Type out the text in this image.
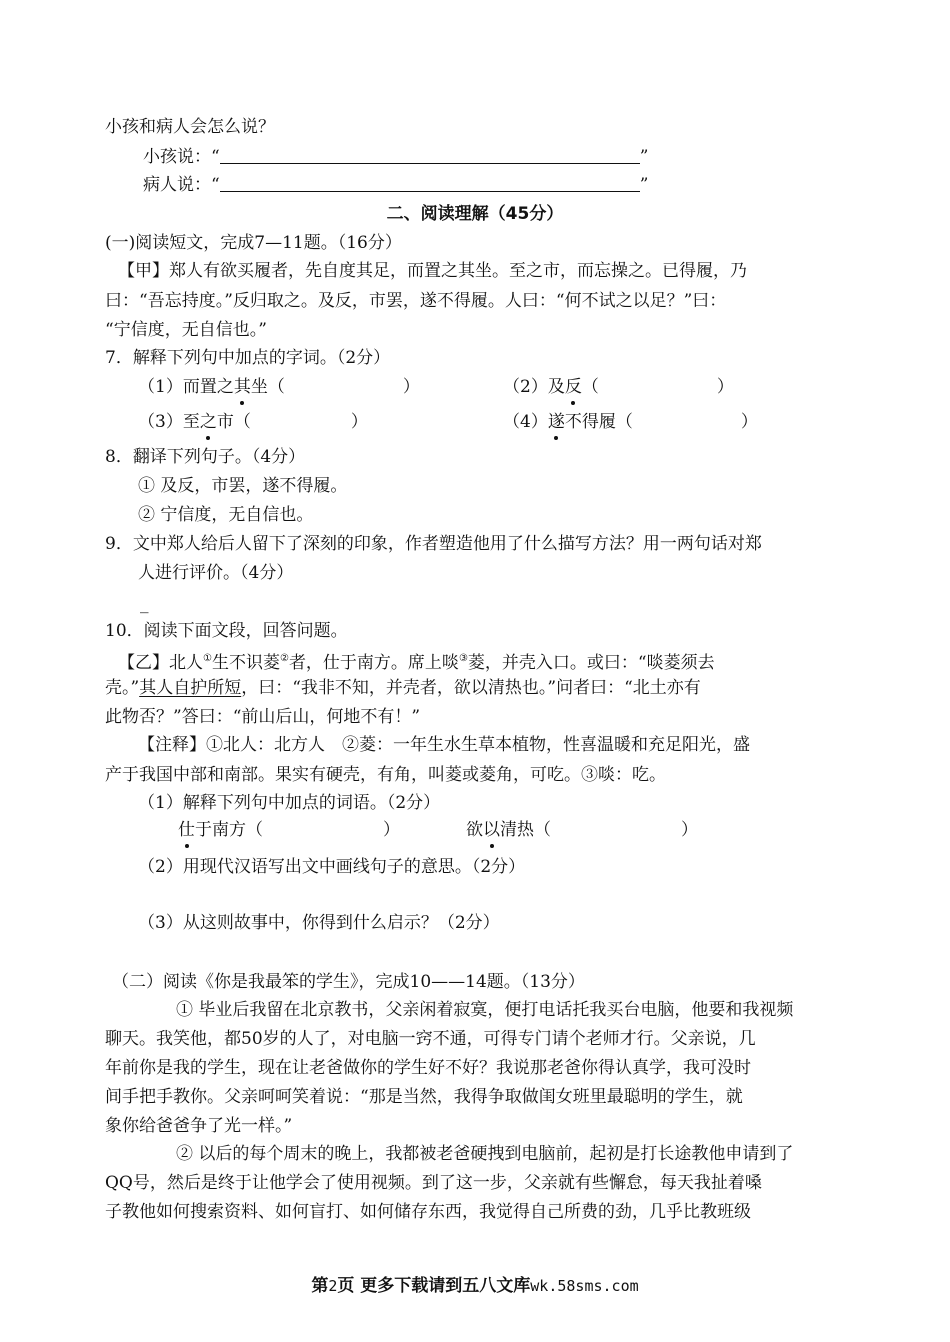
小孩和病人会怎么说？
小孩说：“	”
病人说：“	”
二、阅读理解（45分）
(一)阅读短文，完成7—11题。（16分）
【甲】郑人有欲买履者，先自度其足，而置之其坐。至之市，而忘操之。已得履，乃
曰：“吾忘持度。”反归取之。及反，市罢，遂不得履。人曰：“何不试之以足？”曰：
“宁信度，无自信也。”
7．解释下列句中加点的字词。（2分）
（1）而置之其坐（	）	（2）及反（	）
（3）至之市（	）	（4）遂不得履（	）
8．翻译下列句子。（4分）
① 及反，市罢，遂不得履。
② 宁信度，无自信也。
9．文中郑人给后人留下了深刻的印象，作者塑造他用了什么描写方法？用一两句话对郑
人进行评价。（4分）
_
10．阅读下面文段，回答问题。
【乙】北人①生不识菱②者，仕于南方。席上啖③菱，并壳入口。或曰：“啖菱须去
壳。”其人自护所短，曰：“我非不知，并壳者，欲以清热也。”问者曰：“北土亦有
此物否？”答曰：“前山后山，何地不有！”
【注释】①北人：北方人　②菱：一年生水生草本植物，性喜温暖和充足阳光，盛
产于我国中部和南部。果实有硬壳，有角，叫菱或菱角，可吃。③啖：吃。
（1）解释下列句中加点的词语。（2分）
仕于南方（	）	欲以清热（	）
（2）用现代汉语写出文中画线句子的意思。（2分）
（3）从这则故事中，你得到什么启示？（2分）
（二）阅读《你是我最笨的学生》，完成10——14题。（13分）
① 毕业后我留在北京教书，父亲闲着寂寞，便打电话托我买台电脑，他要和我视频
聊天。我笑他，都50岁的人了，对电脑一窍不通，可得专门请个老师才行。父亲说，几
年前你是我的学生，现在让老爸做你的学生好不好？我说那老爸你得认真学，我可没时
间手把手教你。父亲呵呵笑着说：“那是当然，我得争取做闺女班里最聪明的学生，就
象你给爸爸争了光一样。”
② 以后的每个周末的晚上，我都被老爸硬拽到电脑前，起初是打长途教他申请到了
QQ号，然后是终于让他学会了使用视频。到了这一步，父亲就有些懈怠，每天我扯着嗓
子教他如何搜索资料、如何盲打、如何储存东西，我觉得自己所费的劲，几乎比教班级
第2页 更多下载请到五八文库wk.58sms.com
